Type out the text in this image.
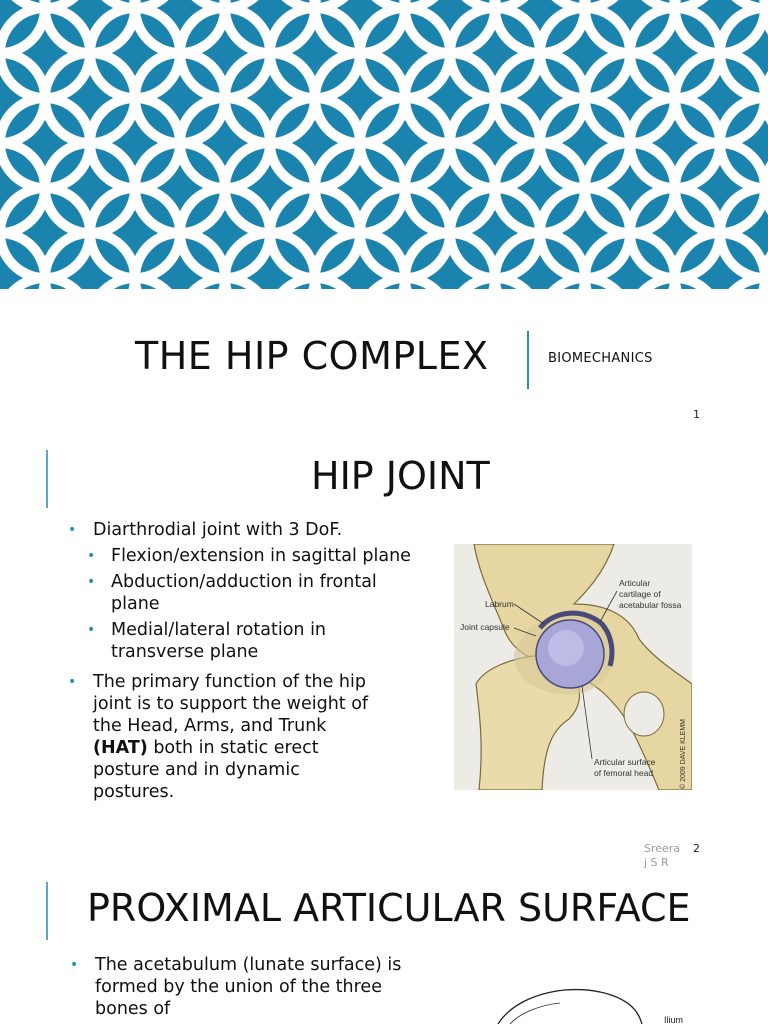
THE HIP COMPLEX	BIOMECHANICS
1
HIP JOINT
• Diarthrodial joint with 3 DoF.
• Flexion/extension in sagittal plane
• Abduction/adduction in frontal plane
• Medial/lateral rotation in transverse plane
• The primary function of the hip joint is to support the weight of the Head, Arms, and Trunk (HAT) both in static erect posture and in dynamic postures.
Labrum
Joint capsule
Articular cartilage of acetabular fossa
Articular surface of femoral head	© 2009 DAVE KLEMM
Sreera j S R
2
PROXIMAL ARTICULAR SURFACE
• The acetabulum (lunate surface) is formed by the union of the three bones of
Ilium
